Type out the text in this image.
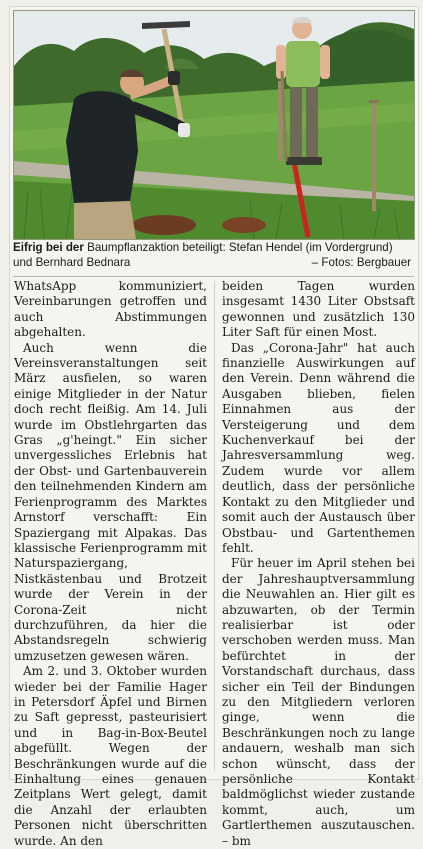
Eifrig bei der Baumpflanzaktion beteiligt: Stefan Hendel (im Vordergrund) und Bernhard Bednara	– Fotos: Bergbauer

WhatsApp kommuniziert, Vereinbarungen getroffen und auch Abstimmungen abgehalten.

Auch wenn die Vereinsveranstaltungen seit März ausfielen, so waren einige Mitglieder in der Natur doch recht fleißig. Am 14. Juli wurde im Obstlehrgarten das Gras „g'heingt." Ein sicher unvergessliches Erlebnis hat der Obst- und Gartenbauverein den teilnehmenden Kindern am Ferienprogramm des Marktes Arnstorf verschafft: Ein Spaziergang mit Alpakas. Das klassische Ferienprogramm mit Naturspaziergang, Nistkästenbau und Brotzeit wurde der Verein in der Corona-Zeit nicht durchzuführen, da hier die Abstandsregeln schwierig umzusetzen gewesen wären.

Am 2. und 3. Oktober wurden wieder bei der Familie Hager in Petersdorf Äpfel und Birnen zu Saft gepresst, pasteurisiert und in Bag-in-Box-Beutel abgefüllt. Wegen der Beschränkungen wurde auf die Einhaltung eines genauen Zeitplans Wert gelegt, damit die Anzahl der erlaubten Personen nicht überschritten wurde. An den

beiden Tagen wurden insgesamt 1430 Liter Obstsaft gewonnen und zusätzlich 130 Liter Saft für einen Most.

Das „Corona-Jahr" hat auch finanzielle Auswirkungen auf den Verein. Denn während die Ausgaben blieben, fielen Einnahmen aus der Versteigerung und dem Kuchenverkauf bei der Jahresversammlung weg. Zudem wurde vor allem deutlich, dass der persönliche Kontakt zu den Mitglieder und somit auch der Austausch über Obstbau- und Gartenthemen fehlt.

Für heuer im April stehen bei der Jahreshauptversammlung die Neuwahlen an. Hier gilt es abzuwarten, ob der Termin realisierbar ist oder verschoben werden muss. Man befürchtet in der Vorstandschaft durchaus, dass sicher ein Teil der Bindungen zu den Mitgliedern verloren ginge, wenn die Beschränkungen noch zu lange andauern, weshalb man sich schon wünscht, dass der persönliche Kontakt baldmöglichst wieder zustande kommt, auch, um Gartlerthemen auszutauschen. – bm
